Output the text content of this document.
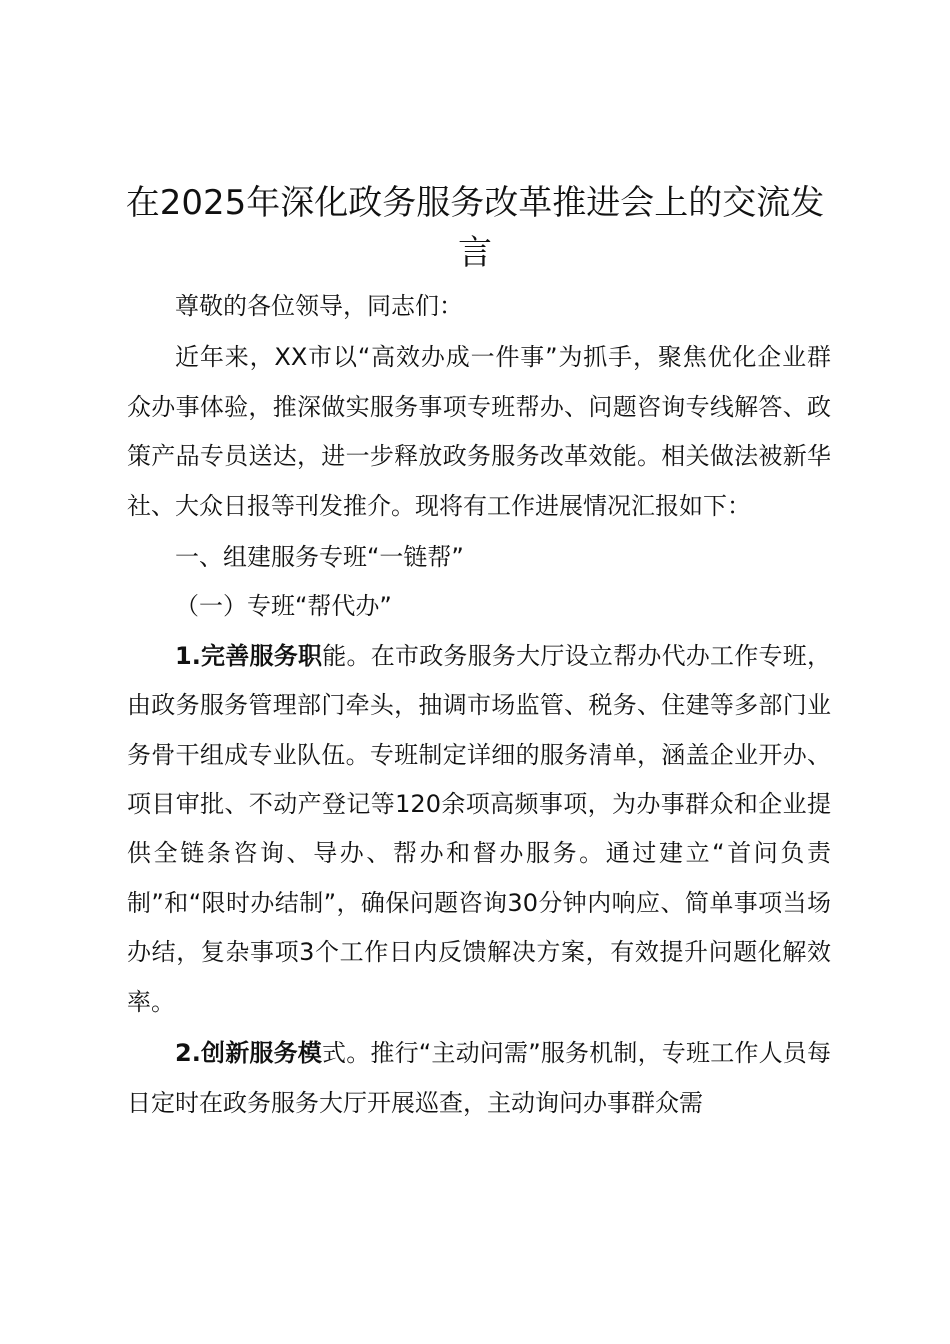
在2025年深化政务服务改革推进会上的交流发言

尊敬的各位领导，同志们：

近年来，XX市以“高效办成一件事”为抓手，聚焦优化企业群众办事体验，推深做实服务事项专班帮办、问题咨询专线解答、政策产品专员送达，进一步释放政务服务改革效能。相关做法被新华社、大众日报等刊发推介。现将有工作进展情况汇报如下：

一、组建服务专班“一链帮”

（一）专班“帮代办”

1.完善服务职能。在市政务服务大厅设立帮办代办工作专班，由政务服务管理部门牵头，抽调市场监管、税务、住建等多部门业务骨干组成专业队伍。专班制定详细的服务清单，涵盖企业开办、项目审批、不动产登记等120余项高频事项，为办事群众和企业提供全链条咨询、导办、帮办和督办服务。通过建立“首问负责制”和“限时办结制”，确保问题咨询30分钟内响应、简单事项当场办结，复杂事项3个工作日内反馈解决方案，有效提升问题化解效率。

2.创新服务模式。推行“主动问需”服务机制，专班工作人员每日定时在政务服务大厅开展巡查，主动询问办事群众需
